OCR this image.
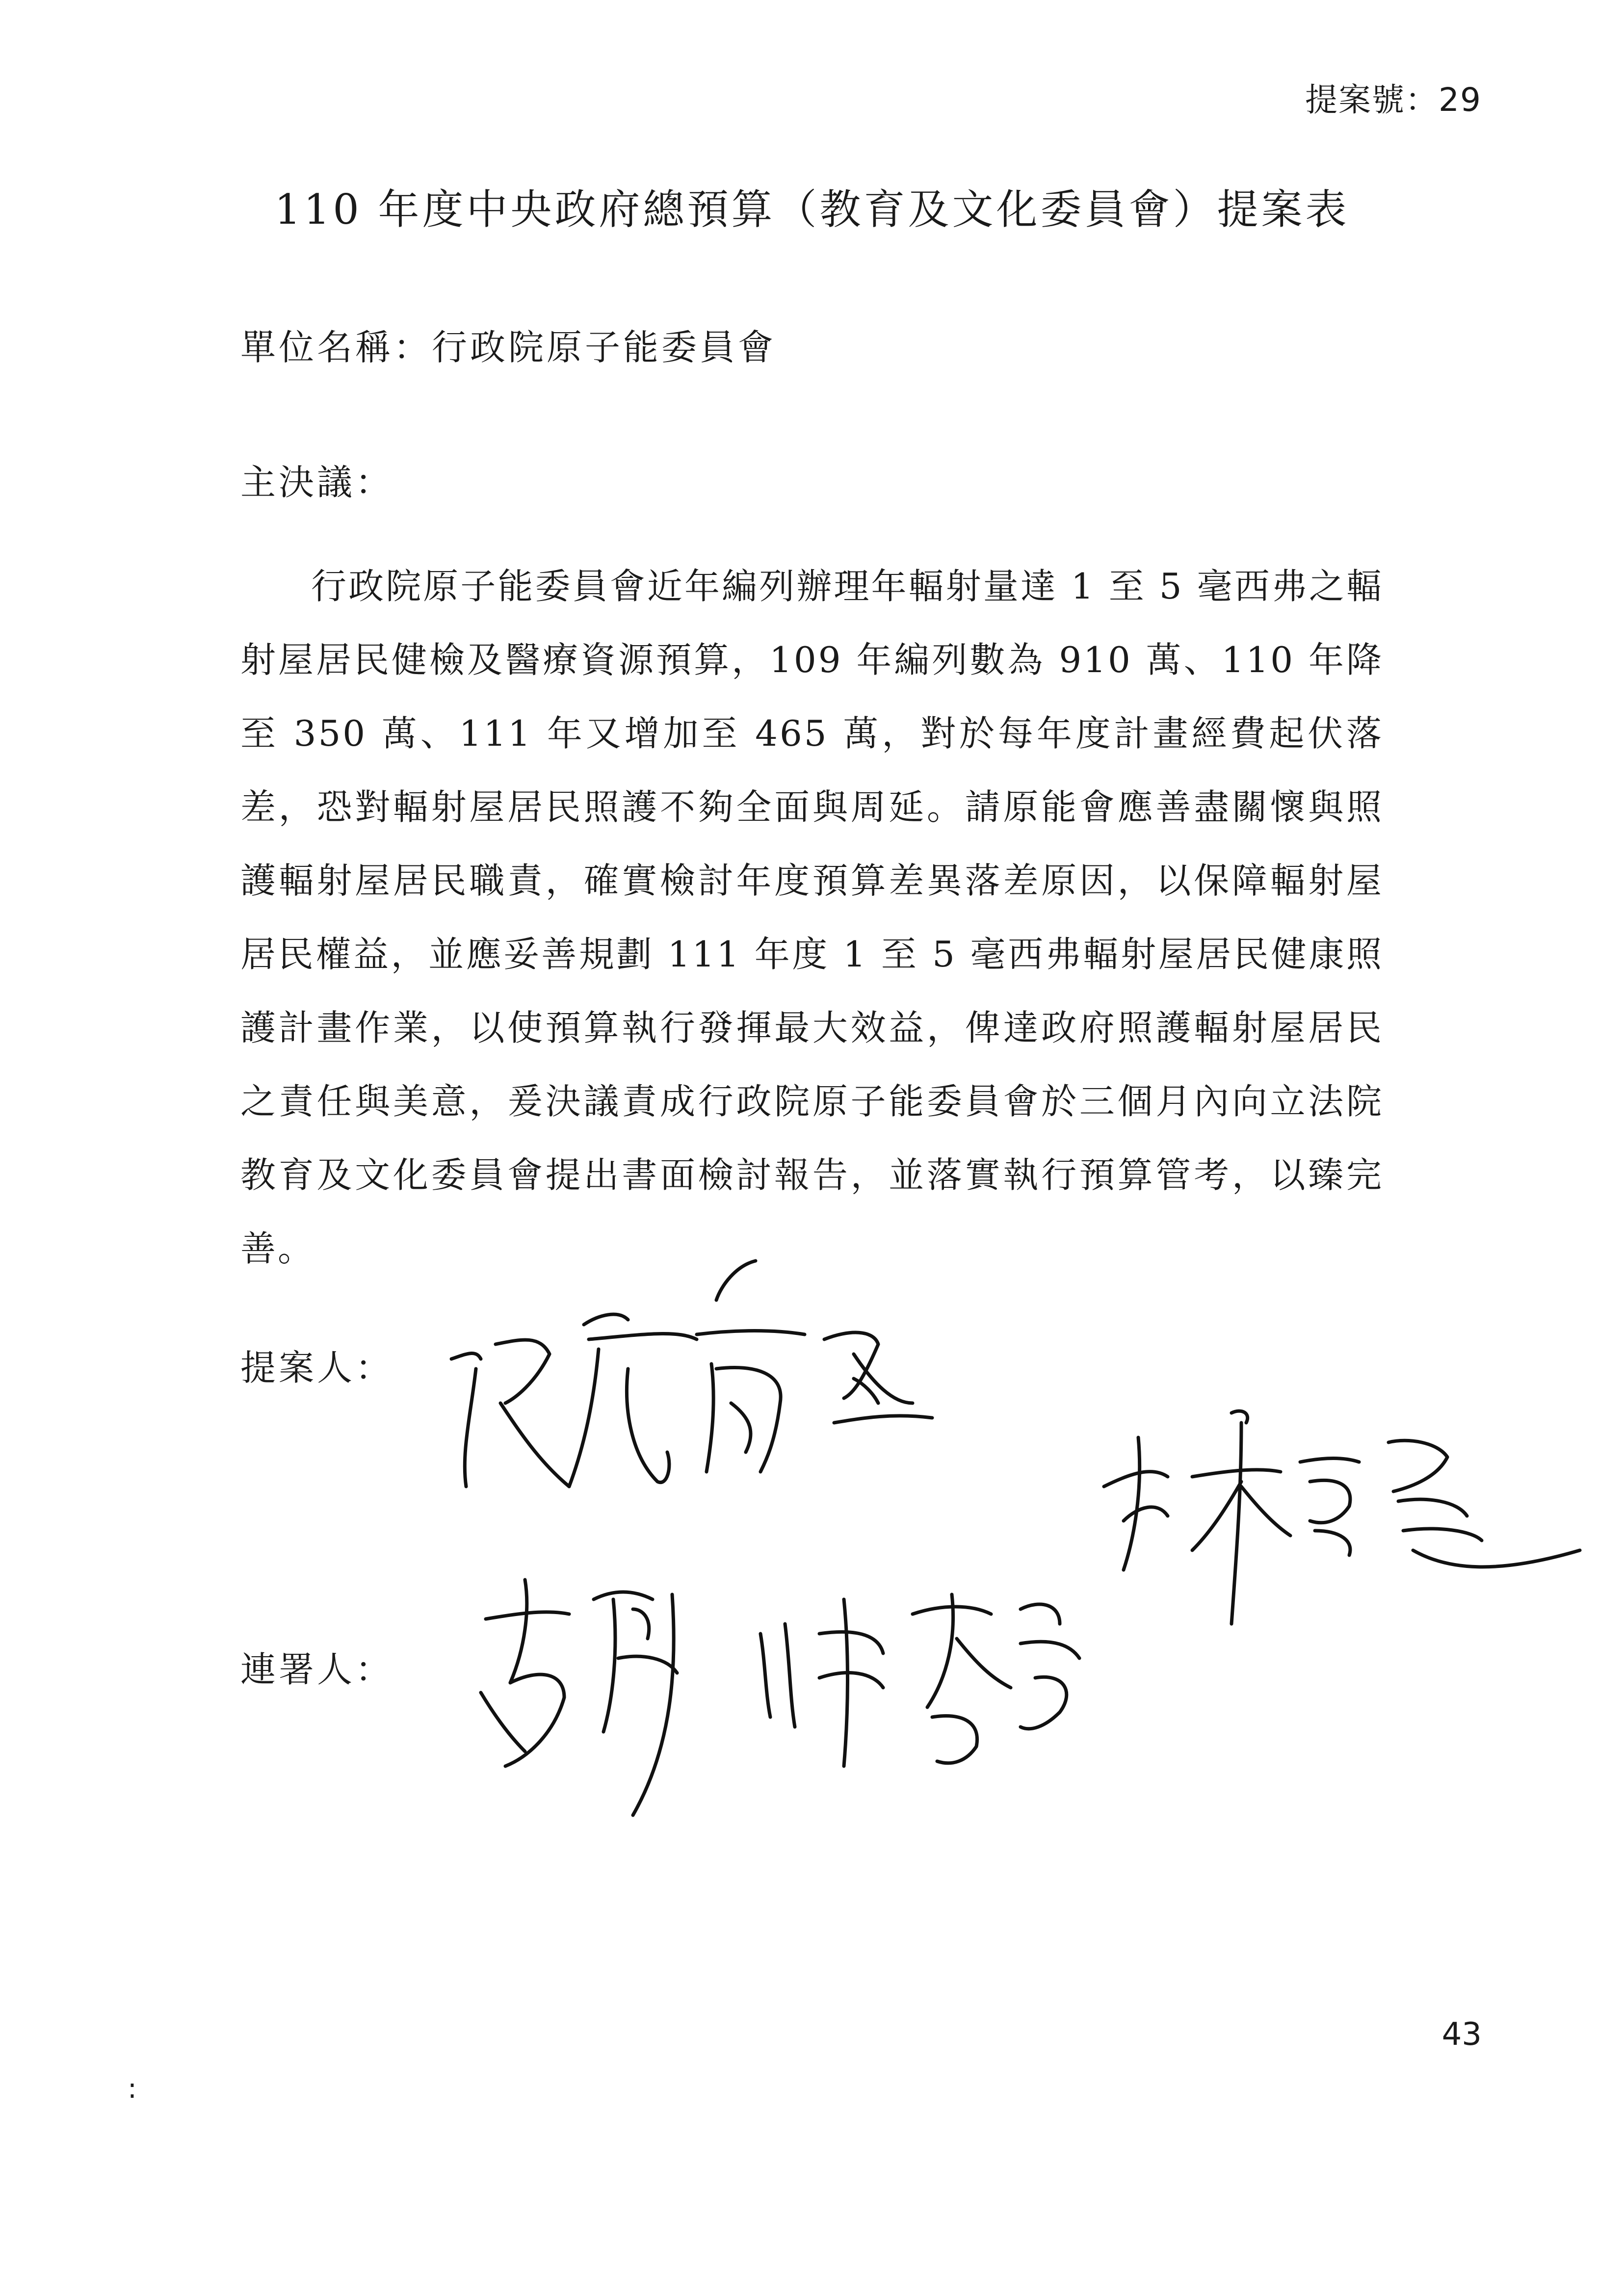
提案號：29
110 年度中央政府總預算（教育及文化委員會）提案表
單位名稱：行政院原子能委員會
主決議：

行政院原子能委員會近年編列辦理年輻射量達 1 至 5 毫西弗之輻射屋居民健檢及醫療資源預算，109 年編列數為 910 萬、110 年降至 350 萬、111 年又增加至 465 萬，對於每年度計畫經費起伏落差，恐對輻射屋居民照護不夠全面與周延。請原能會應善盡關懷與照護輻射屋居民職責，確實檢討年度預算差異落差原因，以保障輻射屋居民權益，並應妥善規劃 111 年度 1 至 5 毫西弗輻射屋居民健康照護計畫作業，以使預算執行發揮最大效益，俾達政府照護輻射屋居民之責任與美意，爰決議責成行政院原子能委員會於三個月內向立法院教育及文化委員會提出書面檢討報告，並落實執行預算管考，以臻完善。

提案人：
連署人：
43
:
